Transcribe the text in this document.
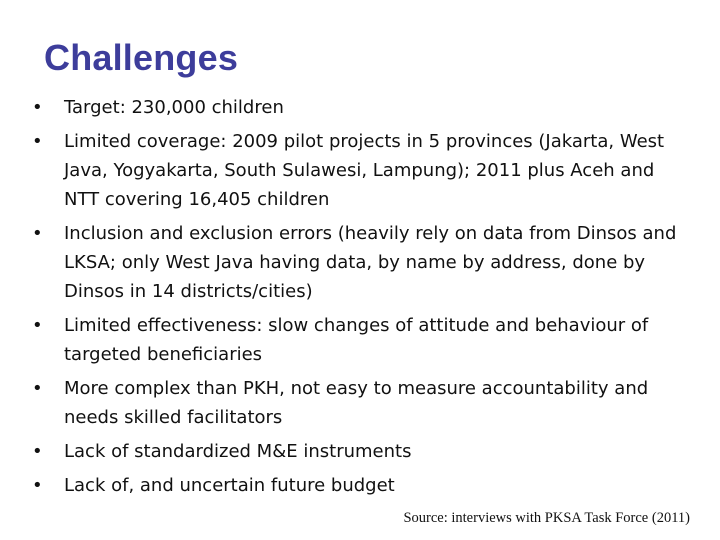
Challenges
• Target: 230,000 children
• Limited coverage: 2009 pilot projects in 5 provinces (Jakarta, West Java, Yogyakarta, South Sulawesi, Lampung); 2011 plus Aceh and NTT covering 16,405 children
• Inclusion and exclusion errors (heavily rely on data from Dinsos and LKSA; only West Java having data, by name by address, done by Dinsos in 14 districts/cities)
• Limited effectiveness: slow changes of attitude and behaviour of targeted beneficiaries
• More complex than PKH, not easy to measure accountability and needs skilled facilitators
• Lack of standardized M&E instruments
• Lack of, and uncertain future budget
Source: interviews with PKSA Task Force (2011)
